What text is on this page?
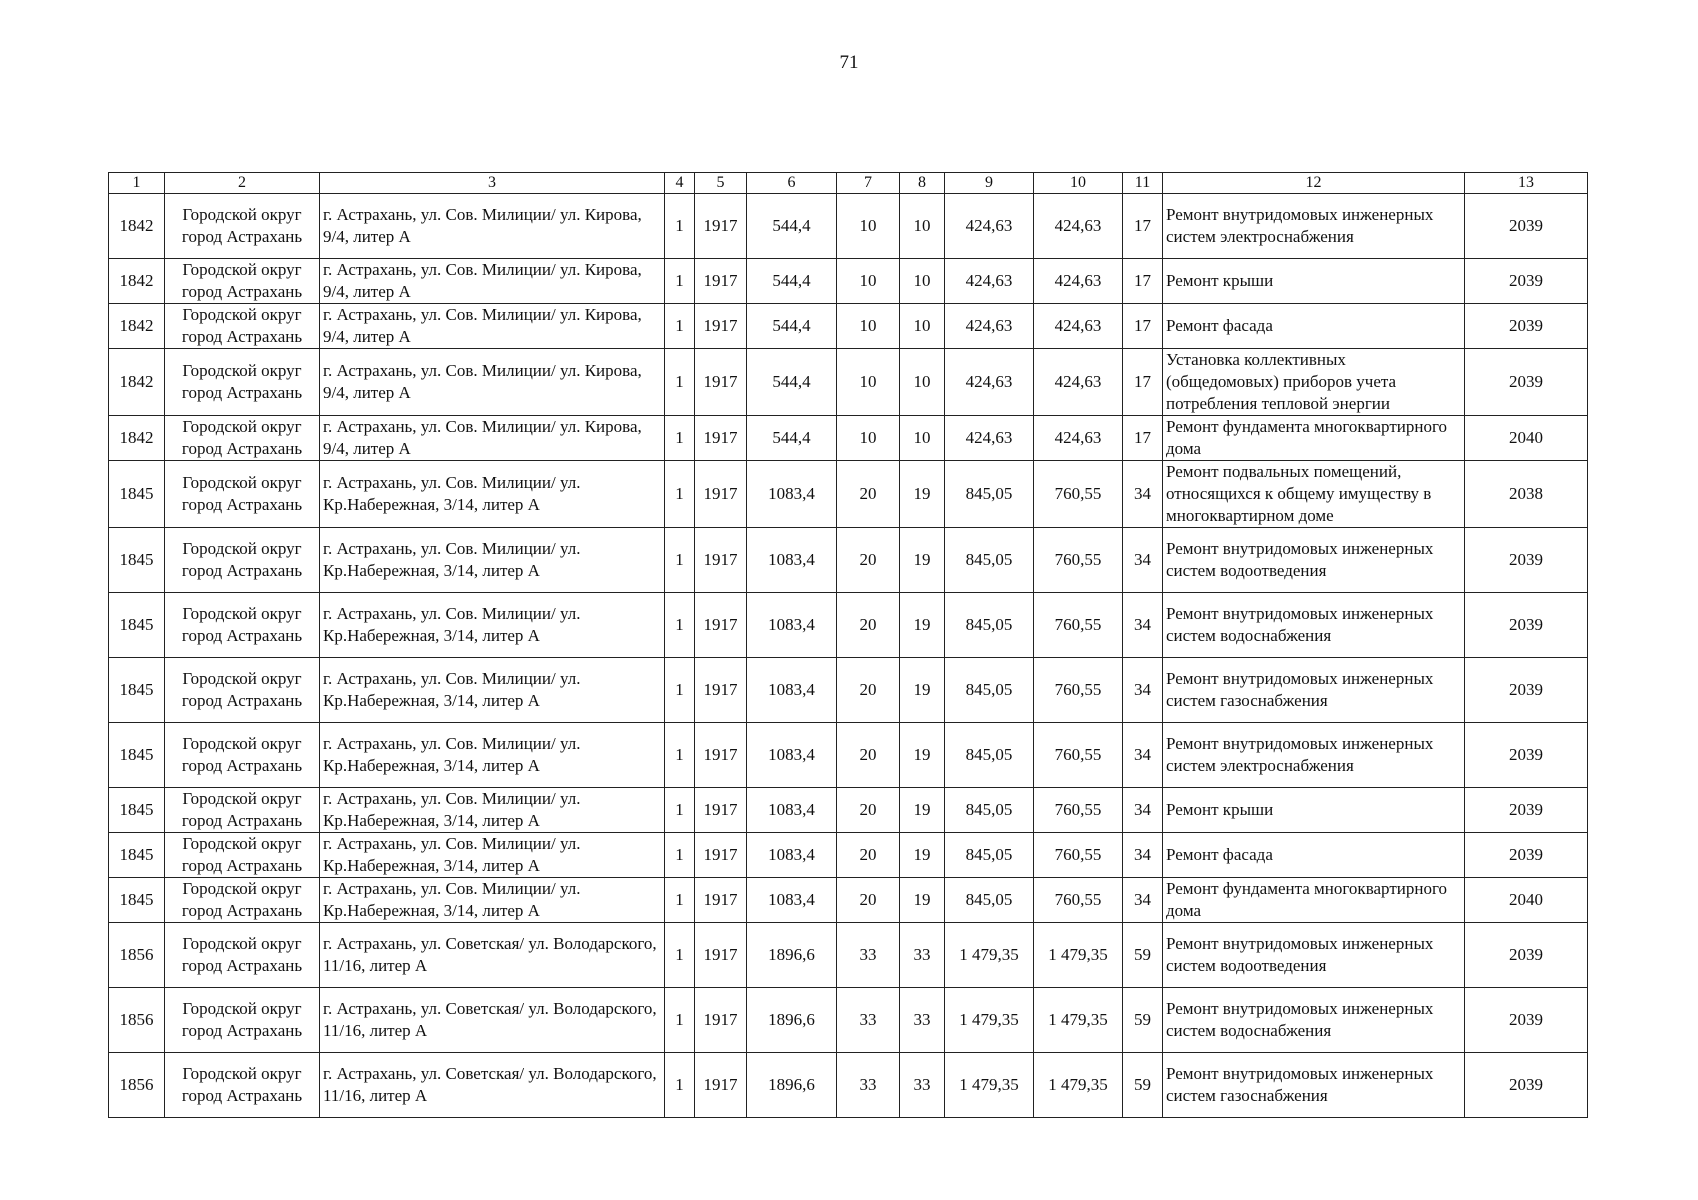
71
1	2	3	4	5	6	7	8	9	10	11	12	13
1842	Городской округ город Астрахань	г. Астрахань, ул. Сов. Милиции/ ул. Кирова, 9/4, литер А	1	1917	544,4	10	10	424,63	424,63	17	Ремонт внутридомовых инженерных систем электроснабжения	2039
1842	Городской округ город Астрахань	г. Астрахань, ул. Сов. Милиции/ ул. Кирова, 9/4, литер А	1	1917	544,4	10	10	424,63	424,63	17	Ремонт крыши	2039
1842	Городской округ город Астрахань	г. Астрахань, ул. Сов. Милиции/ ул. Кирова, 9/4, литер А	1	1917	544,4	10	10	424,63	424,63	17	Ремонт фасада	2039
1842	Городской округ город Астрахань	г. Астрахань, ул. Сов. Милиции/ ул. Кирова, 9/4, литер А	1	1917	544,4	10	10	424,63	424,63	17	Установка коллективных (общедомовых) приборов учета потребления тепловой энергии	2039
1842	Городской округ город Астрахань	г. Астрахань, ул. Сов. Милиции/ ул. Кирова, 9/4, литер А	1	1917	544,4	10	10	424,63	424,63	17	Ремонт фундамента многоквартирного дома	2040
1845	Городской округ город Астрахань	г. Астрахань, ул. Сов. Милиции/ ул. Кр.Набережная, 3/14, литер А	1	1917	1083,4	20	19	845,05	760,55	34	Ремонт подвальных помещений, относящихся к общему имуществу в многоквартирном доме	2038
1845	Городской округ город Астрахань	г. Астрахань, ул. Сов. Милиции/ ул. Кр.Набережная, 3/14, литер А	1	1917	1083,4	20	19	845,05	760,55	34	Ремонт внутридомовых инженерных систем водоотведения	2039
1845	Городской округ город Астрахань	г. Астрахань, ул. Сов. Милиции/ ул. Кр.Набережная, 3/14, литер А	1	1917	1083,4	20	19	845,05	760,55	34	Ремонт внутридомовых инженерных систем водоснабжения	2039
1845	Городской округ город Астрахань	г. Астрахань, ул. Сов. Милиции/ ул. Кр.Набережная, 3/14, литер А	1	1917	1083,4	20	19	845,05	760,55	34	Ремонт внутридомовых инженерных систем газоснабжения	2039
1845	Городской округ город Астрахань	г. Астрахань, ул. Сов. Милиции/ ул. Кр.Набережная, 3/14, литер А	1	1917	1083,4	20	19	845,05	760,55	34	Ремонт внутридомовых инженерных систем электроснабжения	2039
1845	Городской округ город Астрахань	г. Астрахань, ул. Сов. Милиции/ ул. Кр.Набережная, 3/14, литер А	1	1917	1083,4	20	19	845,05	760,55	34	Ремонт крыши	2039
1845	Городской округ город Астрахань	г. Астрахань, ул. Сов. Милиции/ ул. Кр.Набережная, 3/14, литер А	1	1917	1083,4	20	19	845,05	760,55	34	Ремонт фасада	2039
1845	Городской округ город Астрахань	г. Астрахань, ул. Сов. Милиции/ ул. Кр.Набережная, 3/14, литер А	1	1917	1083,4	20	19	845,05	760,55	34	Ремонт фундамента многоквартирного дома	2040
1856	Городской округ город Астрахань	г. Астрахань, ул. Советская/ ул. Володарского, 11/16, литер А	1	1917	1896,6	33	33	1 479,35	1 479,35	59	Ремонт внутридомовых инженерных систем водоотведения	2039
1856	Городской округ город Астрахань	г. Астрахань, ул. Советская/ ул. Володарского, 11/16, литер А	1	1917	1896,6	33	33	1 479,35	1 479,35	59	Ремонт внутридомовых инженерных систем водоснабжения	2039
1856	Городской округ город Астрахань	г. Астрахань, ул. Советская/ ул. Володарского, 11/16, литер А	1	1917	1896,6	33	33	1 479,35	1 479,35	59	Ремонт внутридомовых инженерных систем газоснабжения	2039
